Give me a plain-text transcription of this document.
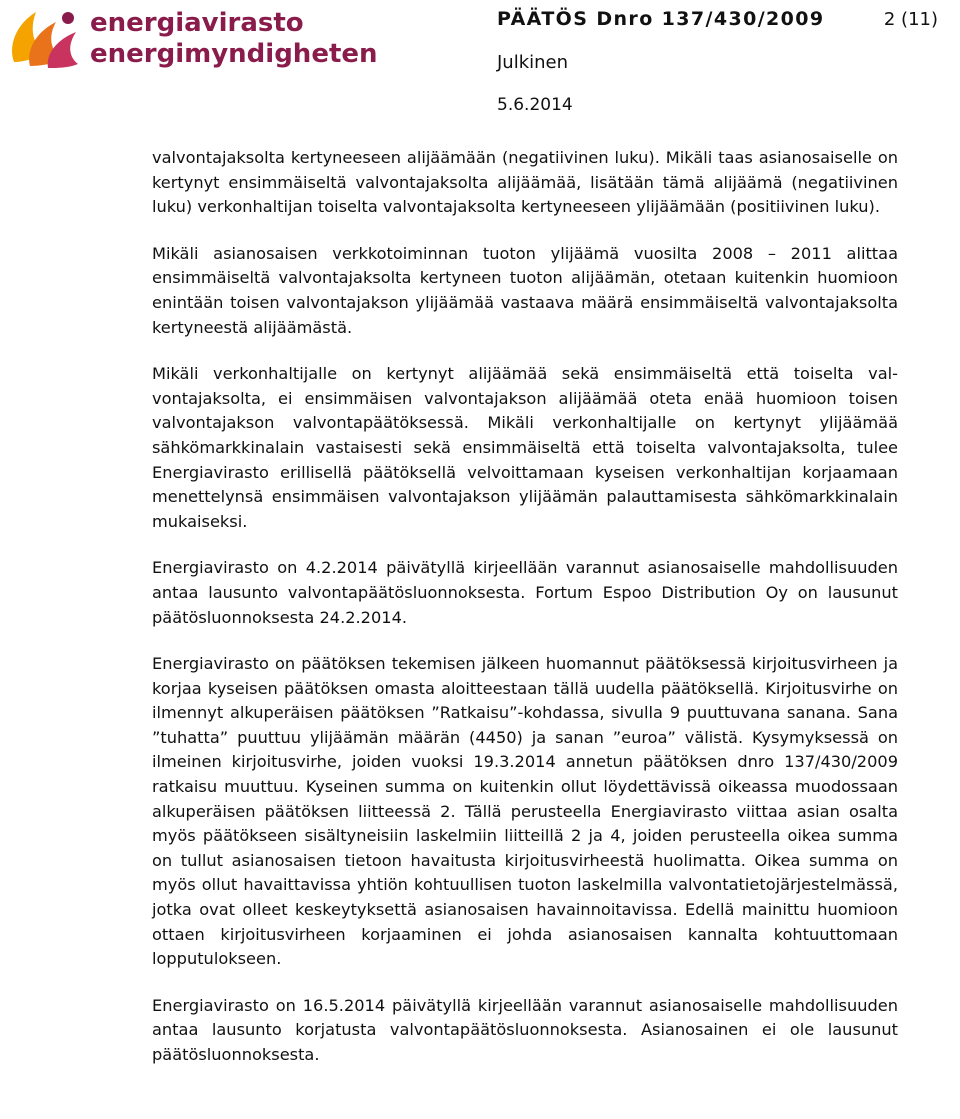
energiavirasto
energimyndigheten
PÄÄTÖS Dnro 137/430/2009	2 (11)
Julkinen
5.6.2014

valvontajaksolta kertyneeseen alijäämään (negatiivinen luku). Mikäli taas asianosaiselle on kertynyt ensimmäiseltä valvontajaksolta alijäämää, lisätään tämä alijäämä (negatiivinen luku) verkonhaltijan toiselta valvontajaksolta kertyneeseen ylijäämään (positiivinen luku).

Mikäli asianosaisen verkkotoiminnan tuoton ylijäämä vuosilta 2008 – 2011 alittaa ensimmäiseltä valvontajaksolta kertyneen tuoton alijäämän, otetaan kuitenkin huomioon enintään toisen valvontajakson ylijäämää vastaava määrä ensimmäiseltä valvontajaksolta kertyneestä alijäämästä.

Mikäli verkonhaltijalle on kertynyt alijäämää sekä ensimmäiseltä että toiselta valvontajaksolta, ei ensimmäisen valvontajakson alijäämää oteta enää huomioon toisen valvontajakson valvontapäätöksessä. Mikäli verkonhaltijalle on kertynyt ylijäämää sähkömarkkinalain vastaisesti sekä ensimmäiseltä että toiselta valvontajaksolta, tulee Energiavirasto erillisellä päätöksellä velvoittamaan kyseisen verkonhaltijan korjaamaan menettelynsä ensimmäisen valvontajakson ylijäämän palauttamisesta sähkömarkkinalain mukaiseksi.

Energiavirasto on 4.2.2014 päivätyllä kirjeellään varannut asianosaiselle mahdollisuuden antaa lausunto valvontapäätösluonnoksesta. Fortum Espoo Distribution Oy on lausunut päätösluonnoksesta 24.2.2014.

Energiavirasto on päätöksen tekemisen jälkeen huomannut päätöksessä kirjoitusvirheen ja korjaa kyseisen päätöksen omasta aloitteestaan tällä uudella päätöksellä. Kirjoitusvirhe on ilmennyt alkuperäisen päätöksen ”Ratkaisu”-kohdassa, sivulla 9 puuttuvana sanana. Sana ”tuhatta” puuttuu ylijäämän määrän (4450) ja sanan ”euroa” välistä. Kysymyksessä on ilmeinen kirjoitusvirhe, joiden vuoksi 19.3.2014 annetun päätöksen dnro 137/430/2009 ratkaisu muuttuu. Kyseinen summa on kuitenkin ollut löydettävissä oikeassa muodossaan alkuperäisen päätöksen liitteessä 2. Tällä perusteella Energiavirasto viittaa asian osalta myös päätökseen sisältyneisiin laskelmiin liitteillä 2 ja 4, joiden perusteella oikea summa on tullut asianosaisen tietoon havaitusta kirjoitusvirheestä huolimatta. Oikea summa on myös ollut havaittavissa yhtiön kohtuullisen tuoton laskelmilla valvontatietojärjestelmässä, jotka ovat olleet keskeytyksettä asianosaisen havainnoitavissa. Edellä mainittu huomioon ottaen kirjoitusvirheen korjaaminen ei johda asianosaisen kannalta kohtuuttomaan lopputulokseen.

Energiavirasto on 16.5.2014 päivätyllä kirjeellään varannut asianosaiselle mahdollisuuden antaa lausunto korjatusta valvontapäätösluonnoksesta. Asianosainen ei ole lausunut päätösluonnoksesta.
